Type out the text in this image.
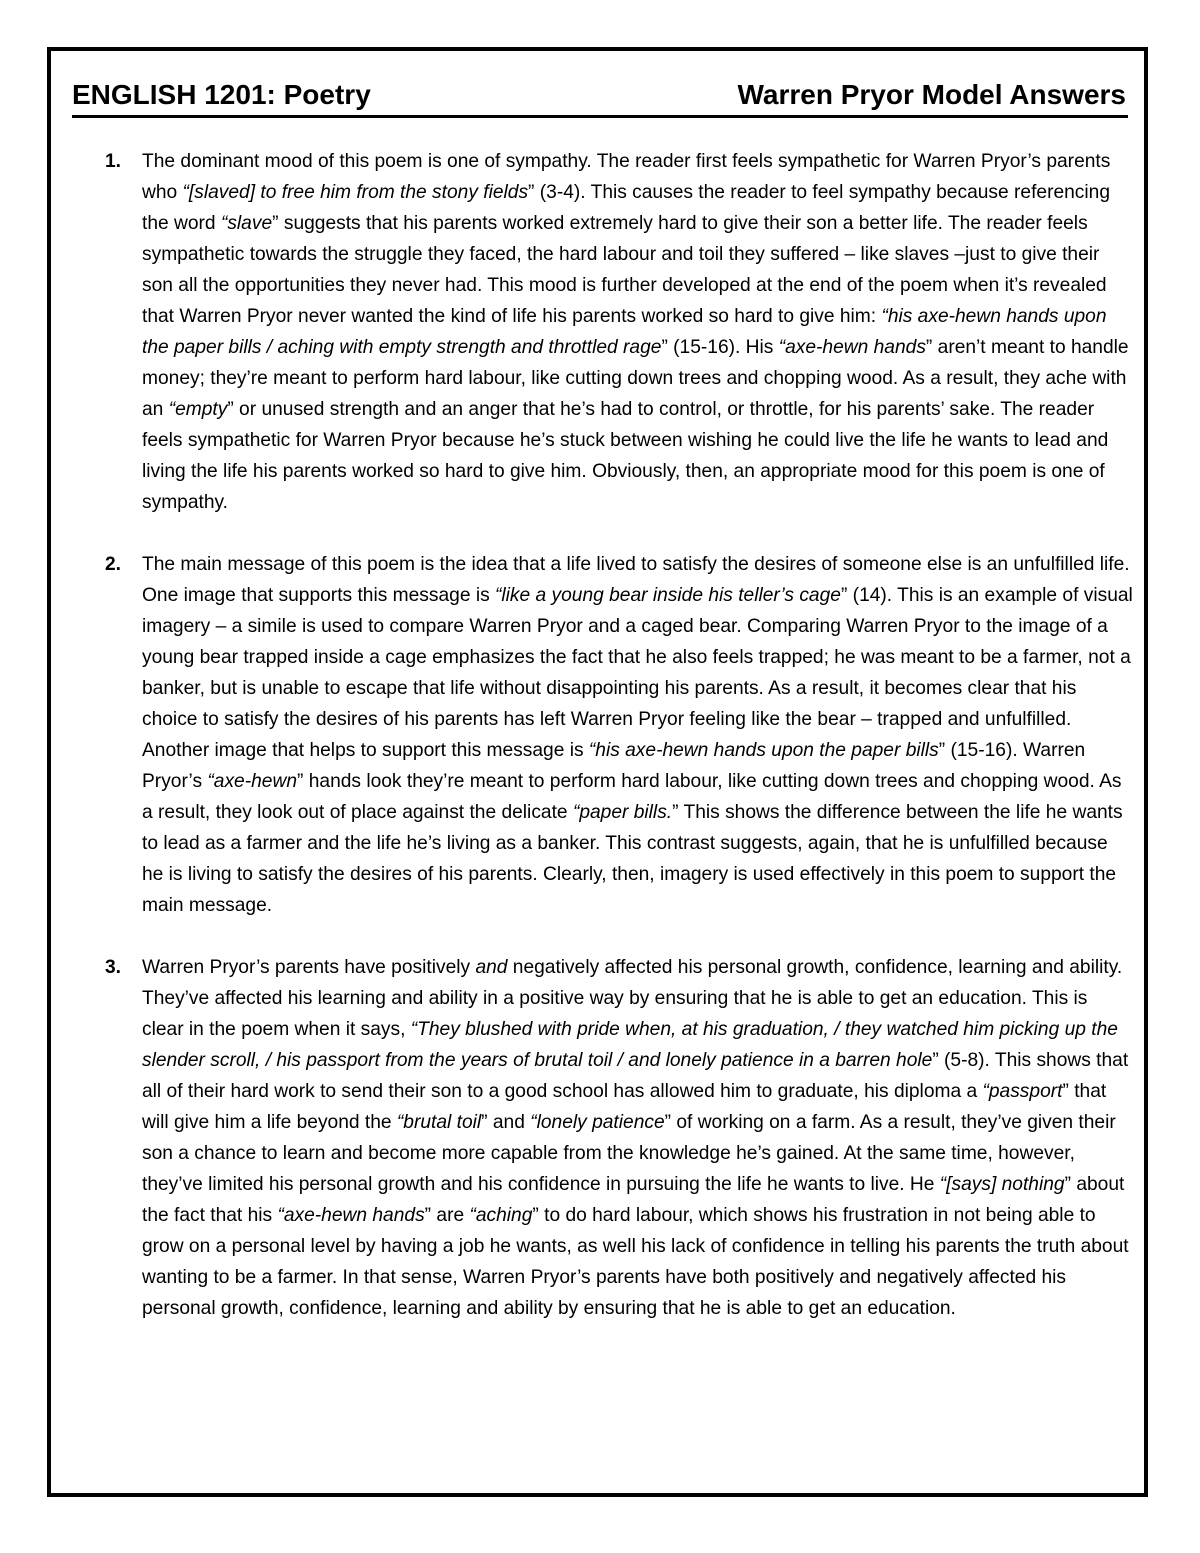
ENGLISH 1201: Poetry	Warren Pryor Model Answers
1. The dominant mood of this poem is one of sympathy. The reader first feels sympathetic for Warren Pryor’s parents who “[slaved] to free him from the stony fields” (3-4). This causes the reader to feel sympathy because referencing the word “slave” suggests that his parents worked extremely hard to give their son a better life. The reader feels sympathetic towards the struggle they faced, the hard labour and toil they suffered – like slaves –just to give their son all the opportunities they never had. This mood is further developed at the end of the poem when it’s revealed that Warren Pryor never wanted the kind of life his parents worked so hard to give him: “his axe-hewn hands upon the paper bills / aching with empty strength and throttled rage” (15-16). His “axe-hewn hands” aren’t meant to handle money; they’re meant to perform hard labour, like cutting down trees and chopping wood. As a result, they ache with an “empty” or unused strength and an anger that he’s had to control, or throttle, for his parents’ sake. The reader feels sympathetic for Warren Pryor because he’s stuck between wishing he could live the life he wants to lead and living the life his parents worked so hard to give him. Obviously, then, an appropriate mood for this poem is one of sympathy.
2. The main message of this poem is the idea that a life lived to satisfy the desires of someone else is an unfulfilled life. One image that supports this message is “like a young bear inside his teller’s cage” (14). This is an example of visual imagery – a simile is used to compare Warren Pryor and a caged bear. Comparing Warren Pryor to the image of a young bear trapped inside a cage emphasizes the fact that he also feels trapped; he was meant to be a farmer, not a banker, but is unable to escape that life without disappointing his parents. As a result, it becomes clear that his choice to satisfy the desires of his parents has left Warren Pryor feeling like the bear – trapped and unfulfilled. Another image that helps to support this message is “his axe-hewn hands upon the paper bills” (15-16). Warren Pryor’s “axe-hewn” hands look they’re meant to perform hard labour, like cutting down trees and chopping wood. As a result, they look out of place against the delicate “paper bills.” This shows the difference between the life he wants to lead as a farmer and the life he’s living as a banker. This contrast suggests, again, that he is unfulfilled because he is living to satisfy the desires of his parents. Clearly, then, imagery is used effectively in this poem to support the main message.
3. Warren Pryor’s parents have positively and negatively affected his personal growth, confidence, learning and ability. They’ve affected his learning and ability in a positive way by ensuring that he is able to get an education. This is clear in the poem when it says, “They blushed with pride when, at his graduation, / they watched him picking up the slender scroll, / his passport from the years of brutal toil / and lonely patience in a barren hole” (5-8). This shows that all of their hard work to send their son to a good school has allowed him to graduate, his diploma a “passport” that will give him a life beyond the “brutal toil” and “lonely patience” of working on a farm. As a result, they’ve given their son a chance to learn and become more capable from the knowledge he’s gained. At the same time, however, they’ve limited his personal growth and his confidence in pursuing the life he wants to live. He “[says] nothing” about the fact that his “axe-hewn hands” are “aching” to do hard labour, which shows his frustration in not being able to grow on a personal level by having a job he wants, as well his lack of confidence in telling his parents the truth about wanting to be a farmer. In that sense, Warren Pryor’s parents have both positively and negatively affected his personal growth, confidence, learning and ability by ensuring that he is able to get an education.
